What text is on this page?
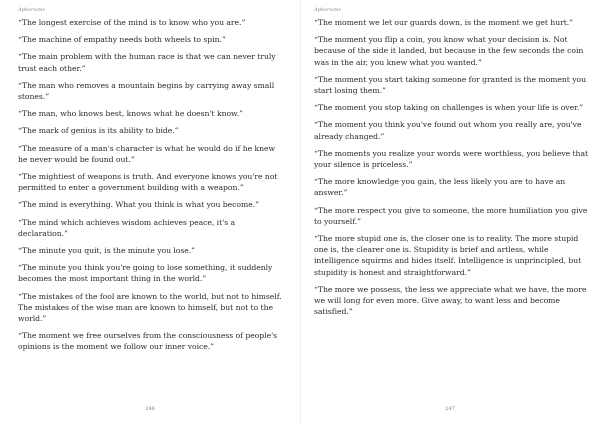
Aphorisms

“The longest exercise of the mind is to know who you are.”

“The machine of empathy needs both wheels to spin.”

“The main problem with the human race is that we can never truly trust each other.”

“The man who removes a mountain begins by carrying away small stones.”

“The man, who knows best, knows what he doesn't know.”

“The mark of genius is its ability to bide.”

“The measure of a man's character is what he would do if he knew he never would be found out.”

“The mightiest of weapons is truth. And everyone knows you're not permitted to enter a government building with a weapon.”

“The mind is everything. What you think is what you become.”

“The mind which achieves wisdom achieves peace, it's a declaration.”

“The minute you quit, is the minute you lose.”

“The minute you think you're going to lose something, it suddenly becomes the most important thing in the world.”

“The mistakes of the fool are known to the world, but not to himself. The mistakes of the wise man are known to himself, but not to the world.”

“The moment we free ourselves from the consciousness of people's opinions is the moment we follow our inner voice.”

246
Aphorisms

“The moment we let our guards down, is the moment we get hurt.”

“The moment you flip a coin, you know what your decision is. Not because of the side it landed, but because in the few seconds the coin was in the air, you knew what you wanted.”

“The moment you start taking someone for granted is the moment you start losing them.”

“The moment you stop taking on challenges is when your life is over.”

“The moment you think you've found out whom you really are, you've already changed.”

“The moments you realize your words were worthless, you believe that your silence is priceless.”

“The more knowledge you gain, the less likely you are to have an answer.”

“The more respect you give to someone, the more humiliation you give to yourself.”

“The more stupid one is, the closer one is to reality. The more stupid one is, the clearer one is. Stupidity is brief and artless, while intelligence squirms and hides itself. Intelligence is unprincipled, but stupidity is honest and straightforward.”

“The more we possess, the less we appreciate what we have, the more we will long for even more. Give away, to want less and become satisfied.”

247
